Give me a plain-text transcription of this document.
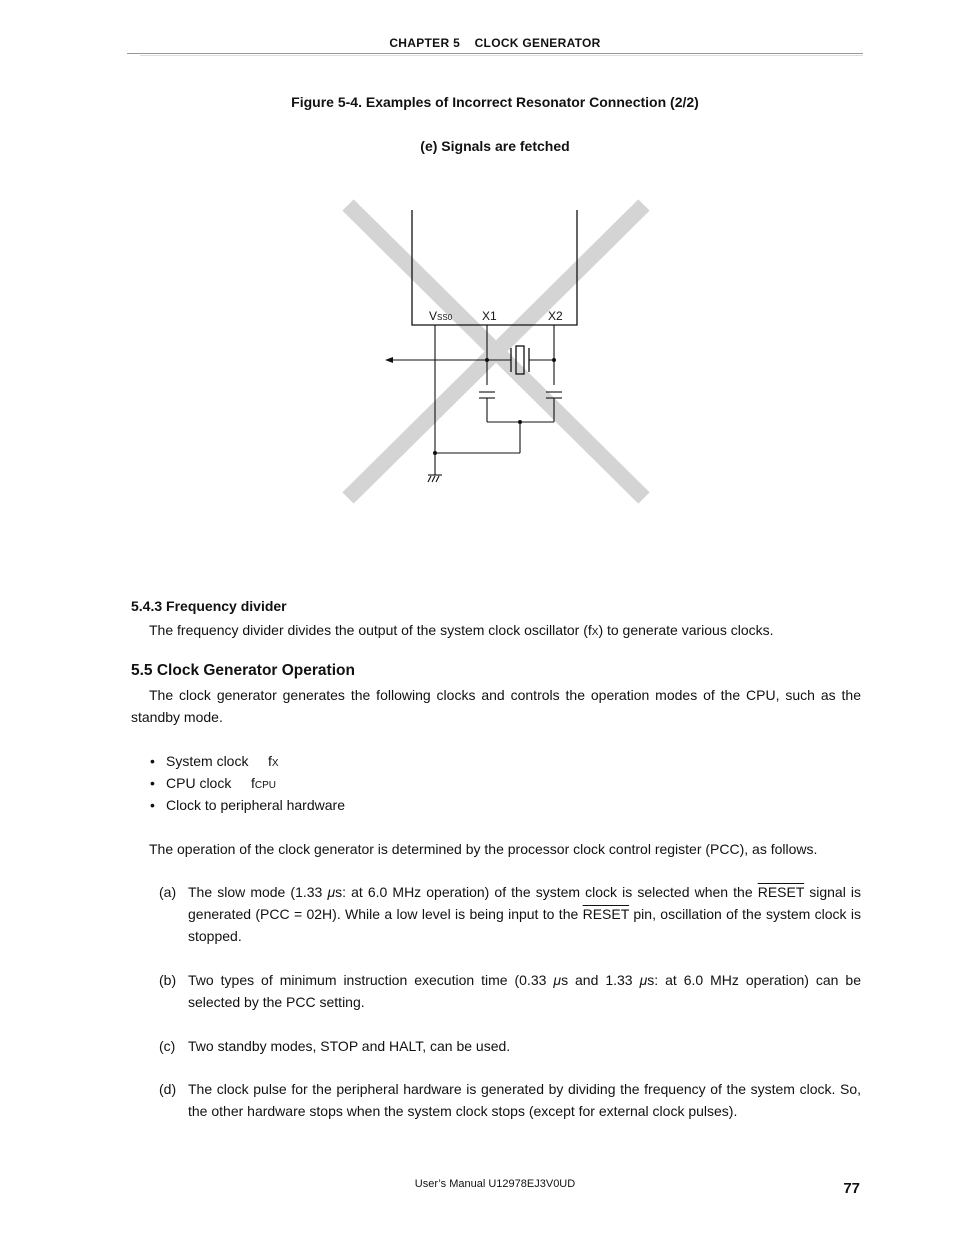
CHAPTER 5 CLOCK GENERATOR
Figure 5-4. Examples of Incorrect Resonator Connection (2/2)
(e) Signals are fetched
VSS0 X1	X2
5.4.3 Frequency divider
The frequency divider divides the output of the system clock oscillator (fX) to generate various clocks.
5.5 Clock Generator Operation
The clock generator generates the following clocks and controls the operation modes of the CPU, such as the standby mode.
• System clock fX
• CPU clock fCPU
• Clock to peripheral hardware
The operation of the clock generator is determined by the processor clock control register (PCC), as follows.
(a) The slow mode (1.33 μs: at 6.0 MHz operation) of the system clock is selected when the RESET signal is generated (PCC = 02H). While a low level is being input to the RESET pin, oscillation of the system clock is stopped.
(b) Two types of minimum instruction execution time (0.33 μs and 1.33 μs: at 6.0 MHz operation) can be selected by the PCC setting.
(c) Two standby modes, STOP and HALT, can be used.
(d) The clock pulse for the peripheral hardware is generated by dividing the frequency of the system clock. So, the other hardware stops when the system clock stops (except for external clock pulses).
User’s Manual U12978EJ3V0UD	77
